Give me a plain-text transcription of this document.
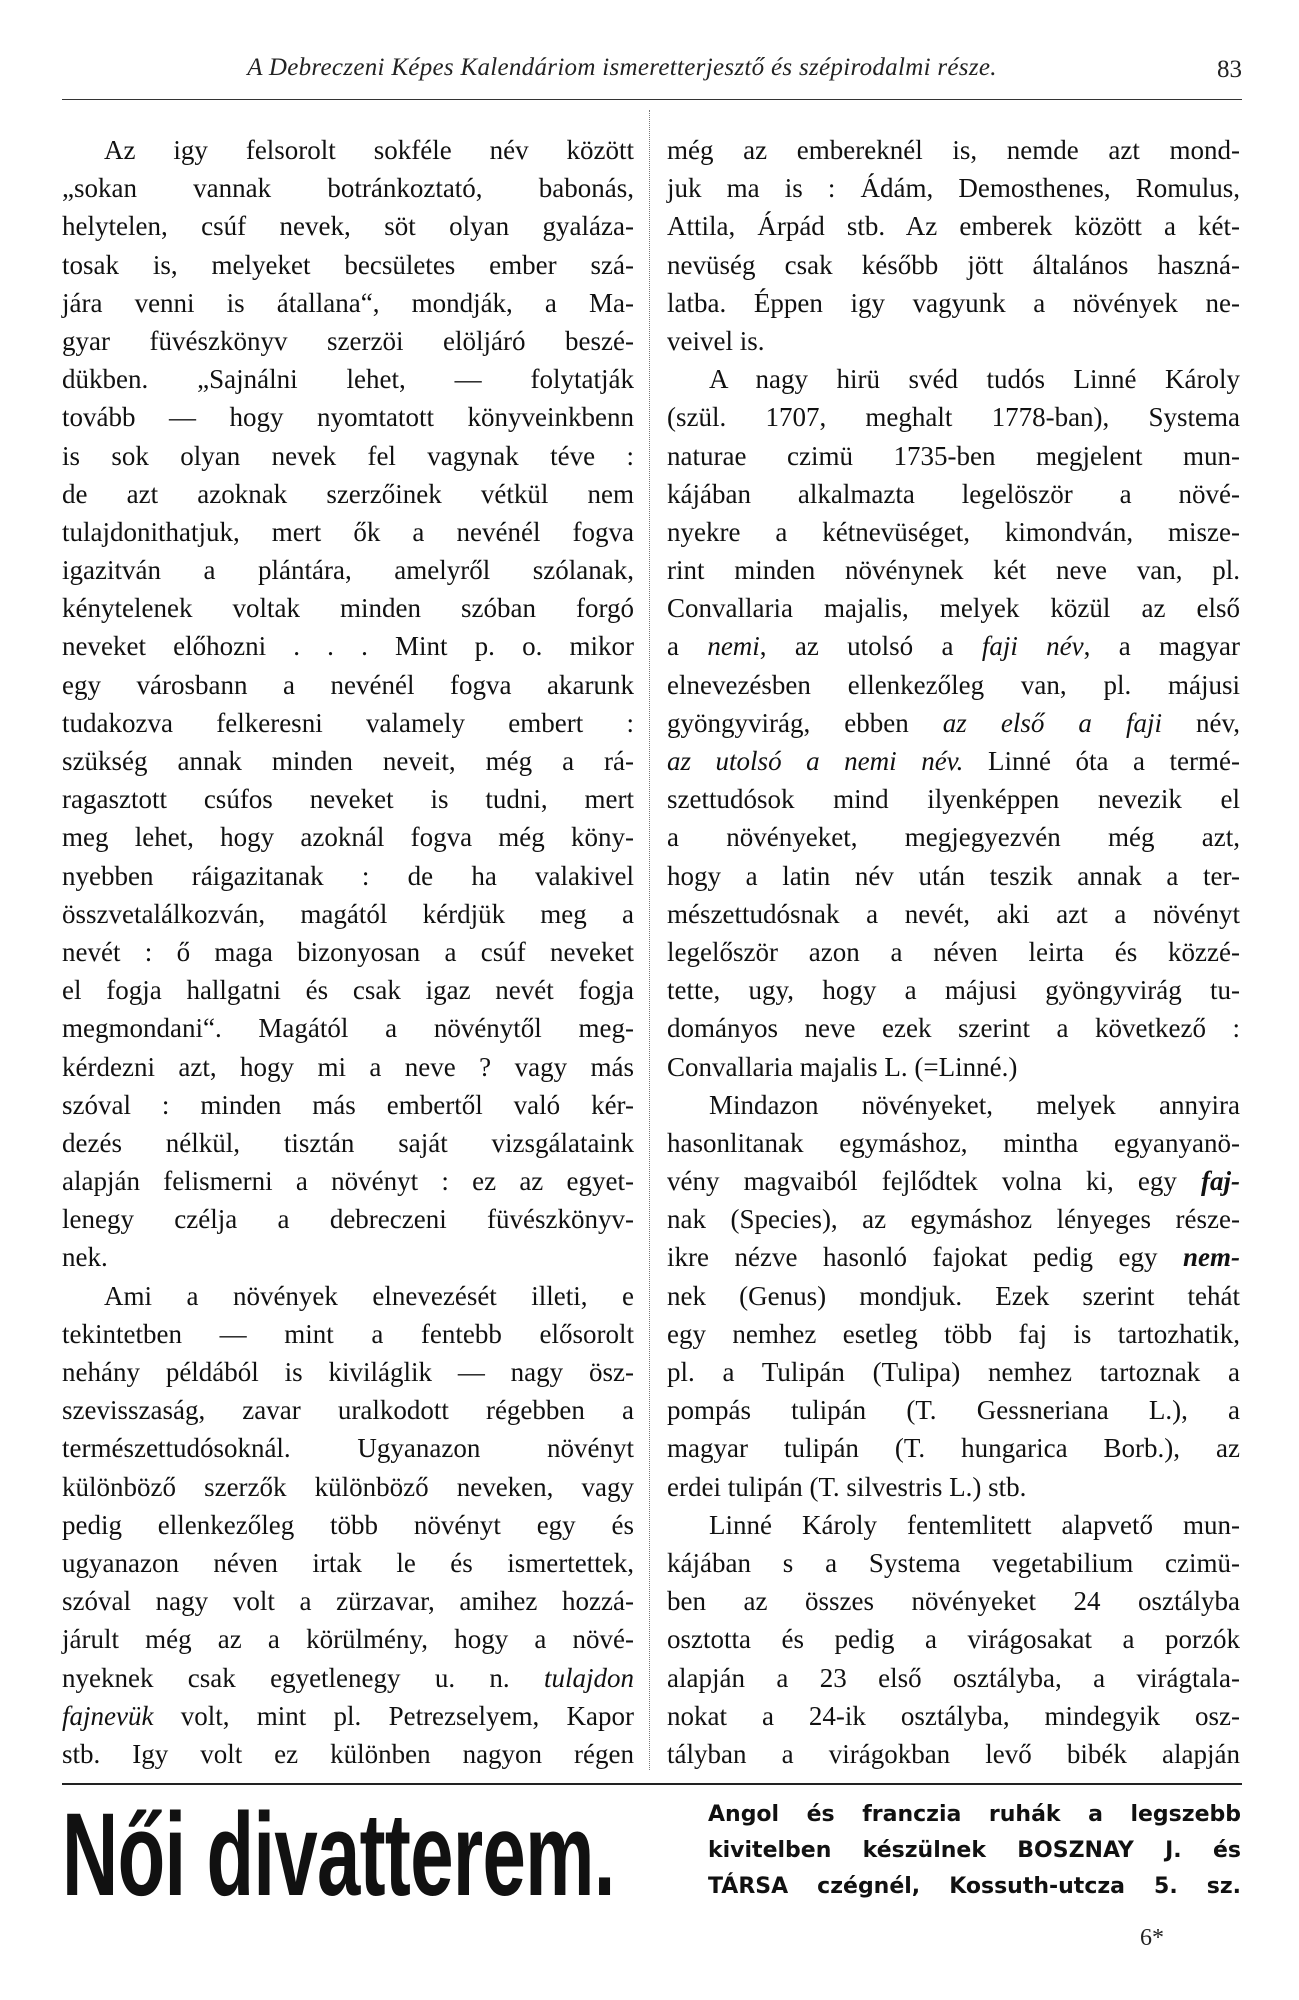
A Debreczeni Képes Kalendáriom ismeretterjesztő és szépirodalmi része.	83
Az igy felsorolt sokféle név között
„sokan vannak botránkoztató, babonás,
helytelen, csúf nevek, söt olyan gyaláza-
tosak is, melyeket becsületes ember szá-
jára venni is átallana“, mondják, a Ma-
gyar füvészkönyv szerzöi elöljáró beszé-
dükben. „Sajnálni lehet, — folytatják
tovább — hogy nyomtatott könyveinkbenn
is sok olyan nevek fel vagynak téve :
de azt azoknak szerzőinek vétkül nem
tulajdonithatjuk, mert ők a nevénél fogva
igazitván a plántára, amelyről szólanak,
kénytelenek voltak minden szóban forgó
neveket előhozni . . . Mint p. o. mikor
egy városbann a nevénél fogva akarunk
tudakozva felkeresni valamely embert :
szükség annak minden neveit, még a rá-
ragasztott csúfos neveket is tudni, mert
meg lehet, hogy azoknál fogva még köny-
nyebben ráigazitanak : de ha valakivel
összvetalálkozván, magától kérdjük meg a
nevét : ő maga bizonyosan a csúf neveket
el fogja hallgatni és csak igaz nevét fogja
megmondani“. Magától a növénytől meg-
kérdezni azt, hogy mi a neve ? vagy más
szóval : minden más embertől való kér-
dezés nélkül, tisztán saját vizsgálataink
alapján felismerni a növényt : ez az egyet-
lenegy czélja a debreczeni füvészkönyv-
nek.
Ami a növények elnevezését illeti, e
tekintetben — mint a fentebb elősorolt
nehány példából is kiviláglik — nagy ösz-
szevisszaság, zavar uralkodott régebben a
természettudósoknál. Ugyanazon növényt
különböző szerzők különböző neveken, vagy
pedig ellenkezőleg több növényt egy és
ugyanazon néven irtak le és ismertettek,
szóval nagy volt a zürzavar, amihez hozzá-
járult még az a körülmény, hogy a növé-
nyeknek csak egyetlenegy u. n. tulajdon
fajnevük volt, mint pl. Petrezselyem, Kapor
stb. Igy volt ez különben nagyon régen
még az embereknél is, nemde azt mond-
juk ma is : Ádám, Demosthenes, Romulus,
Attila, Árpád stb. Az emberek között a két-
nevüség csak később jött általános haszná-
latba. Éppen igy vagyunk a növények ne-
veivel is.
A nagy hirü svéd tudós Linné Károly
(szül. 1707, meghalt 1778-ban), Systema
naturae czimü 1735-ben megjelent mun-
kájában alkalmazta legelöször a növé-
nyekre a kétnevüséget, kimondván, misze-
rint minden növénynek két neve van, pl.
Convallaria majalis, melyek közül az első
a nemi, az utolsó a faji név, a magyar
elnevezésben ellenkezőleg van, pl. májusi
gyöngyvirág, ebben az első a faji név,
az utolsó a nemi név. Linné óta a termé-
szettudósok mind ilyenképpen nevezik el
a növényeket, megjegyezvén még azt,
hogy a latin név után teszik annak a ter-
mészettudósnak a nevét, aki azt a növényt
legelőször azon a néven leirta és közzé-
tette, ugy, hogy a májusi gyöngyvirág tu-
dományos neve ezek szerint a következő :
Convallaria majalis L. (=Linné.)
Mindazon növényeket, melyek annyira
hasonlitanak egymáshoz, mintha egyanyanö-
vény magvaiból fejlődtek volna ki, egy faj-
nak (Species), az egymáshoz lényeges része-
ikre nézve hasonló fajokat pedig egy nem-
nek (Genus) mondjuk. Ezek szerint tehát
egy nemhez esetleg több faj is tartozhatik,
pl. a Tulipán (Tulipa) nemhez tartoznak a
pompás tulipán (T. Gessneriana L.), a
magyar tulipán (T. hungarica Borb.), az
erdei tulipán (T. silvestris L.) stb.
Linné Károly fentemlitett alapvető mun-
kájában s a Systema vegetabilium czimü-
ben az összes növényeket 24 osztályba
osztotta és pedig a virágosakat a porzók
alapján a 23 első osztályba, a virágtala-
nokat a 24-ik osztályba, mindegyik osz-
tályban a virágokban levő bibék alapján
Női divatterem.	Angol és franczia ruhák a legszebb
kivitelben készülnek BOSZNAY J. és
TÁRSA czégnél, Kossuth-utcza 5. sz.
6*
